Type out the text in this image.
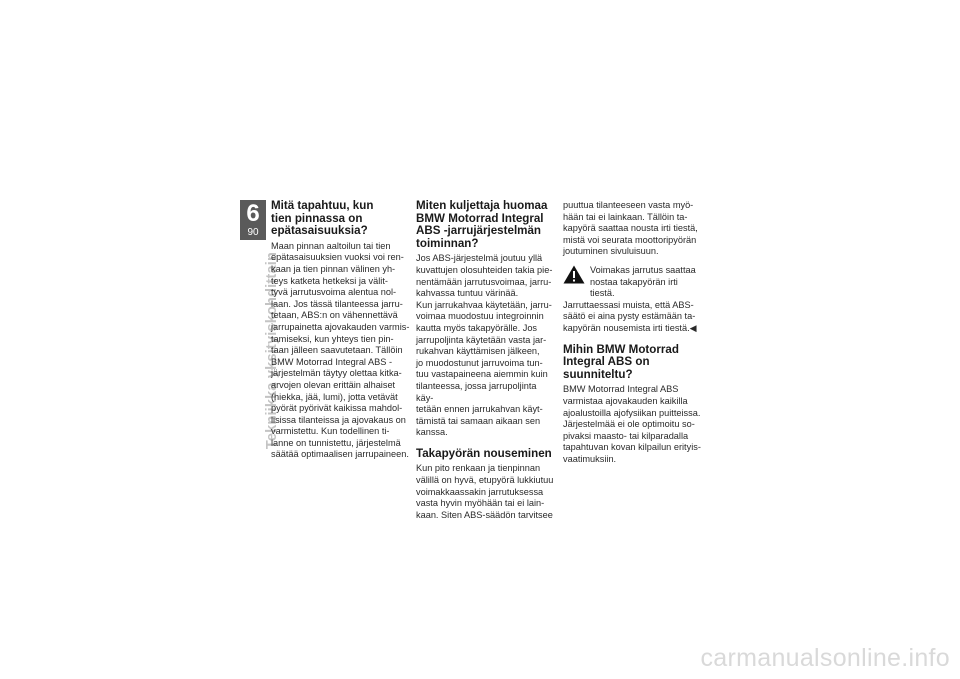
6
90
Tekniikka yksityiskohdittain
Mitä tapahtuu, kun
tien pinnassa on
epätasaisuuksia?

Maan pinnan aaltoilun tai tien
epätasaisuuksien vuoksi voi ren-
kaan ja tien pinnan välinen yh-
teys katketa hetkeksi ja välit-
tyvä jarrutusvoima alentua nol-
laan. Jos tässä tilanteessa jarru-
tetaan, ABS:n on vähennettävä
jarrupainetta ajovakauden varmis-
tamiseksi, kun yhteys tien pin-
taan jälleen saavutetaan. Tällöin
BMW Motorrad Integral ABS -
järjestelmän täytyy olettaa kitka-
arvojen olevan erittäin alhaiset
(hiekka, jää, lumi), jotta vetävät
pyörät pyörivät kaikissa mahdol-
lisissa tilanteissa ja ajovakaus on
varmistettu. Kun todellinen ti-
lanne on tunnistettu, järjestelmä
säätää optimaalisen jarrupaineen.

Miten kuljettaja huomaa
BMW Motorrad Integral
ABS -jarrujärjestelmän
toiminnan?

Jos ABS-järjestelmä joutuu yllä
kuvattujen olosuhteiden takia pie-
nentämään jarrutusvoimaa, jarru-
kahvassa tuntuu värinää.
Kun jarrukahvaa käytetään, jarru-
voimaa muodostuu integroinnin
kautta myös takapyörälle. Jos
jarrupoljinta käytetään vasta jar-
rukahvan käyttämisen jälkeen,
jo muodostunut jarruvoima tun-
tuu vastapaineena aiemmin kuin
tilanteessa, jossa jarrupoljinta käy-
tetään ennen jarrukahvan käyt-
tämistä tai samaan aikaan sen
kanssa.

Takapyörän nouseminen

Kun pito renkaan ja tienpinnan
välillä on hyvä, etupyörä lukkiutuu
voimakkaassakin jarrutuksessa
vasta hyvin myöhään tai ei lain-
kaan. Siten ABS-säädön tarvitsee

puuttua tilanteeseen vasta myö-
hään tai ei lainkaan. Tällöin ta-
kapyörä saattaa nousta irti tiestä,
mistä voi seurata moottoripyörän
joutuminen sivuluisuun.

Voimakas jarrutus saattaa
nostaa takapyörän irti tiestä.

Jarruttaessasi muista, että ABS-
säätö ei aina pysty estämään ta-
kapyörän nousemista irti tiestä.◀

Mihin BMW Motorrad
Integral ABS on
suunniteltu?

BMW Motorrad Integral ABS
varmistaa ajovakauden kaikilla
ajoalustoilla ajofysiikan puitteissa.
Järjestelmää ei ole optimoitu so-
pivaksi maasto- tai kilparadalla
tapahtuvan kovan kilpailun erityis-
vaatimuksiin.

carmanualsonline.info
